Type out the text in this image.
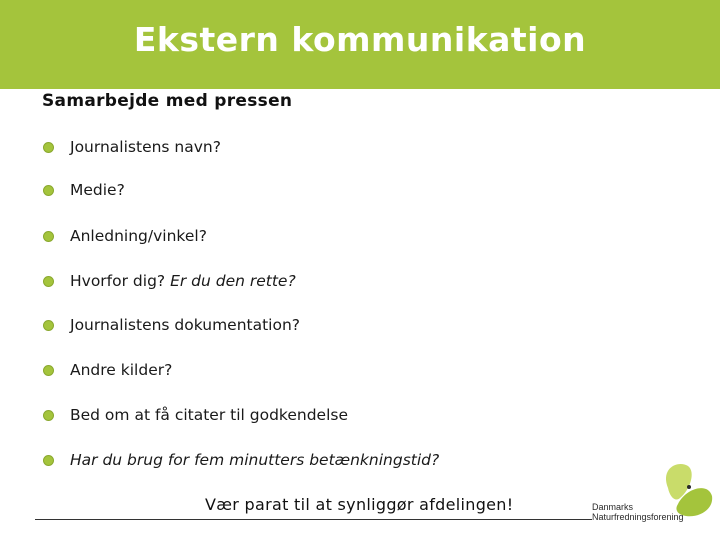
Ekstern kommunikation
Samarbejde med pressen
Journalistens navn?
Medie?
Anledning/vinkel?
Hvorfor dig? Er du den rette?
Journalistens dokumentation?
Andre kilder?
Bed om at få citater til godkendelse
Har du brug for fem minutters betænkningstid?
Vær parat til at synliggør afdelingen!	Danmarks
Naturfredningsforening
